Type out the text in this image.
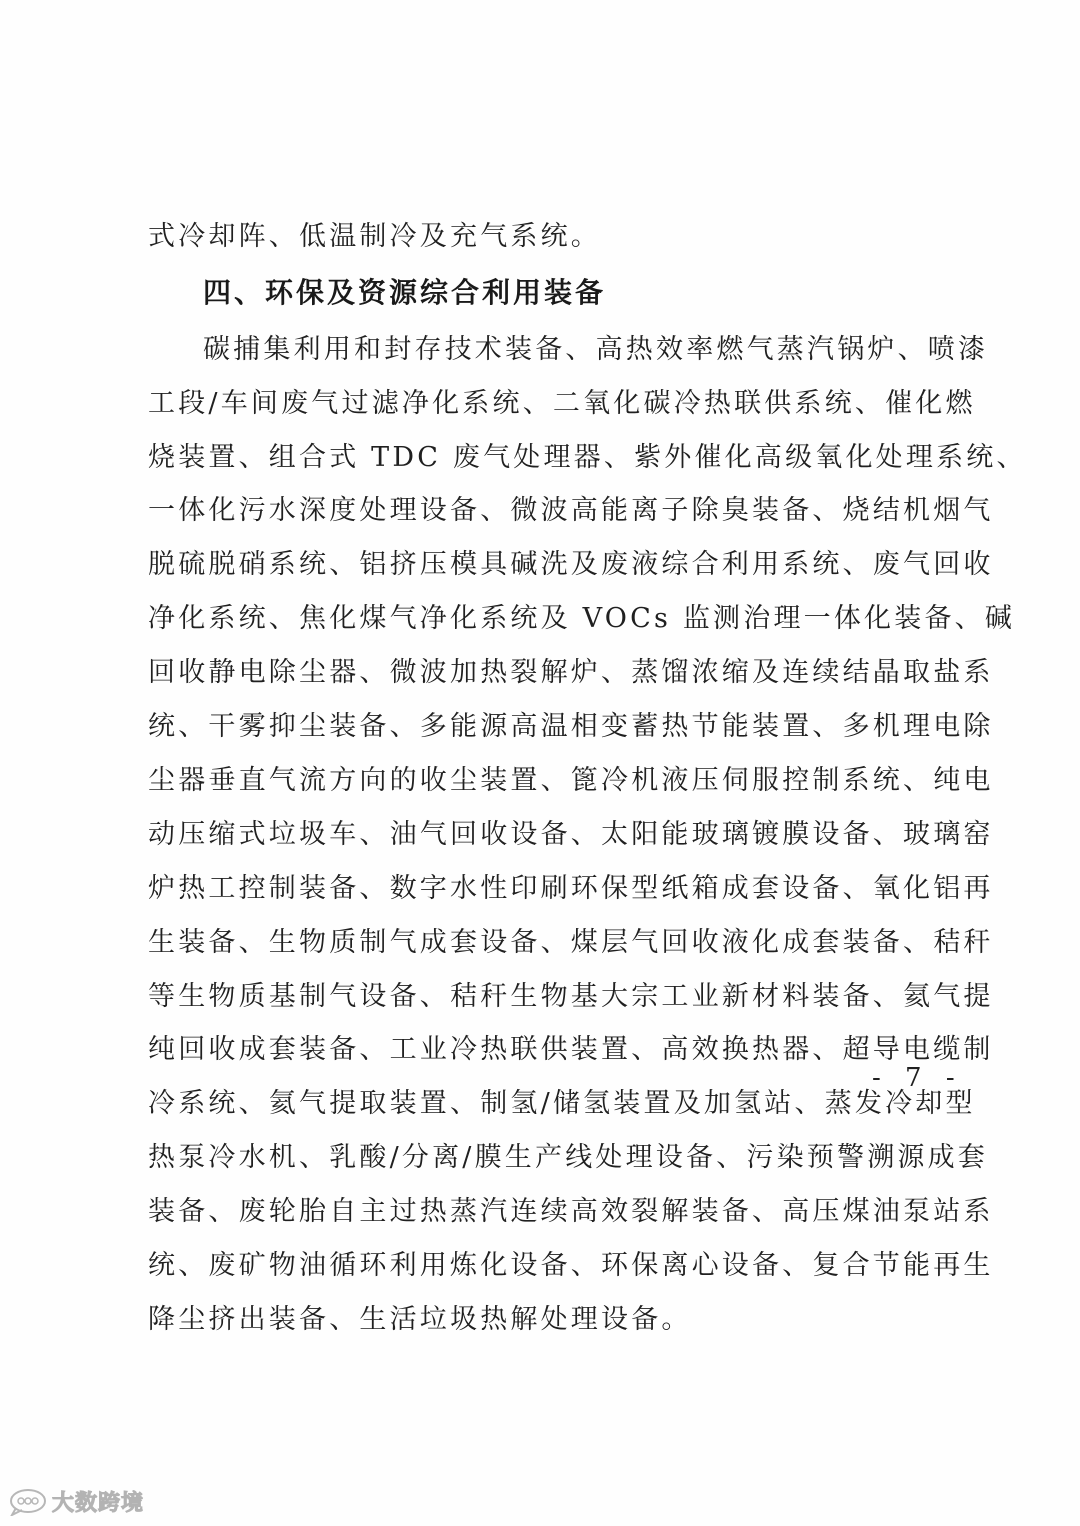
式冷却阵、低温制冷及充气系统。
四、环保及资源综合利用装备
碳捕集利用和封存技术装备、高热效率燃气蒸汽锅炉、喷漆
工段/车间废气过滤净化系统、二氧化碳冷热联供系统、催化燃
烧装置、组合式 TDC 废气处理器、紫外催化高级氧化处理系统、
一体化污水深度处理设备、微波高能离子除臭装备、烧结机烟气
脱硫脱硝系统、铝挤压模具碱洗及废液综合利用系统、废气回收
净化系统、焦化煤气净化系统及 VOCs 监测治理一体化装备、碱
回收静电除尘器、微波加热裂解炉、蒸馏浓缩及连续结晶取盐系
统、干雾抑尘装备、多能源高温相变蓄热节能装置、多机理电除
尘器垂直气流方向的收尘装置、篦冷机液压伺服控制系统、纯电
动压缩式垃圾车、油气回收设备、太阳能玻璃镀膜设备、玻璃窑
炉热工控制装备、数字水性印刷环保型纸箱成套设备、氧化铝再
生装备、生物质制气成套设备、煤层气回收液化成套装备、秸秆
等生物质基制气设备、秸秆生物基大宗工业新材料装备、氦气提
纯回收成套装备、工业冷热联供装置、高效换热器、超导电缆制
冷系统、氦气提取装置、制氢/储氢装置及加氢站、蒸发冷却型
热泵冷水机、乳酸/分离/膜生产线处理设备、污染预警溯源成套
装备、废轮胎自主过热蒸汽连续高效裂解装备、高压煤油泵站系
统、废矿物油循环利用炼化设备、环保离心设备、复合节能再生
降尘挤出装备、生活垃圾热解处理设备。
- 7 -
大数跨境
